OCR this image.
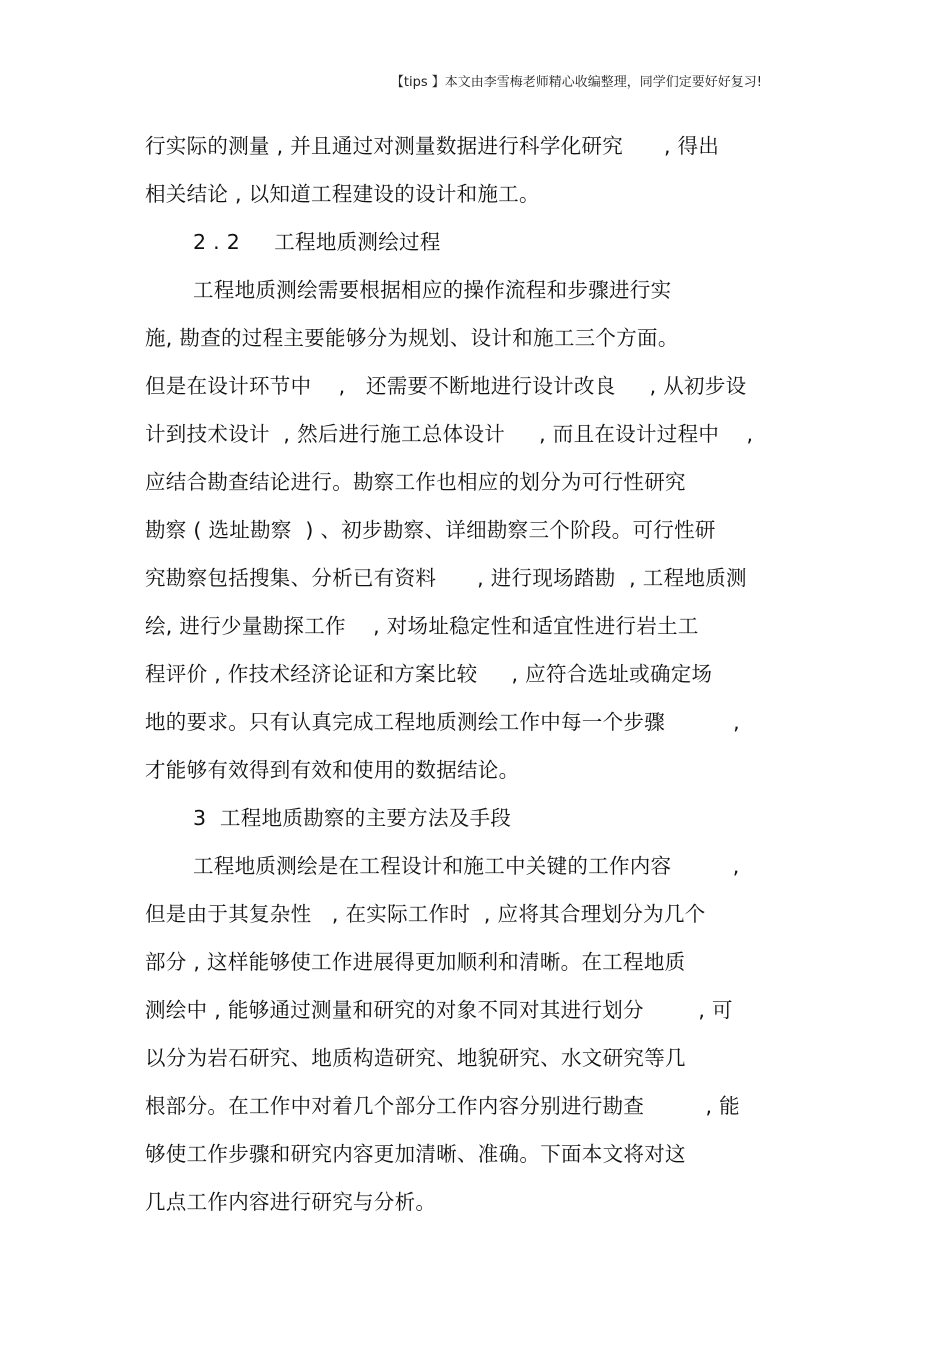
【tips 】本文由李雪梅老师精心收编整理，同学们定要好好复习!
行实际的测量 , 并且通过对测量数据进行科学化研究      , 得出
相关结论 , 以知道工程建设的设计和施工。
2 . 2     工程地质测绘过程
工程地质测绘需要根据相应的操作流程和步骤进行实
施, 勘查的过程主要能够分为规划、设计和施工三个方面。
但是在设计环节中    ,   还需要不断地进行设计改良     , 从初步设
计到技术设计  , 然后进行施工总体设计     , 而且在设计过程中    ,
应结合勘查结论进行。勘察工作也相应的划分为可行性研究
勘察 ( 选址勘察  ) 、初步勘察、详细勘察三个阶段。可行性研
究勘察包括搜集、分析已有资料      , 进行现场踏勘  , 工程地质测
绘, 进行少量勘探工作    , 对场址稳定性和适宜性进行岩土工
程评价 , 作技术经济论证和方案比较     , 应符合选址或确定场
地的要求。只有认真完成工程地质测绘工作中每一个步骤          ,
才能够有效得到有效和使用的数据结论。
3  工程地质勘察的主要方法及手段
工程地质测绘是在工程设计和施工中关键的工作内容         ,
但是由于其复杂性   , 在实际工作时  , 应将其合理划分为几个
部分 , 这样能够使工作进展得更加顺利和清晰。在工程地质
测绘中 , 能够通过测量和研究的对象不同对其进行划分        , 可
以分为岩石研究、地质构造研究、地貌研究、水文研究等几
根部分。在工作中对着几个部分工作内容分别进行勘查         , 能
够使工作步骤和研究内容更加清晰、准确。下面本文将对这
几点工作内容进行研究与分析。
